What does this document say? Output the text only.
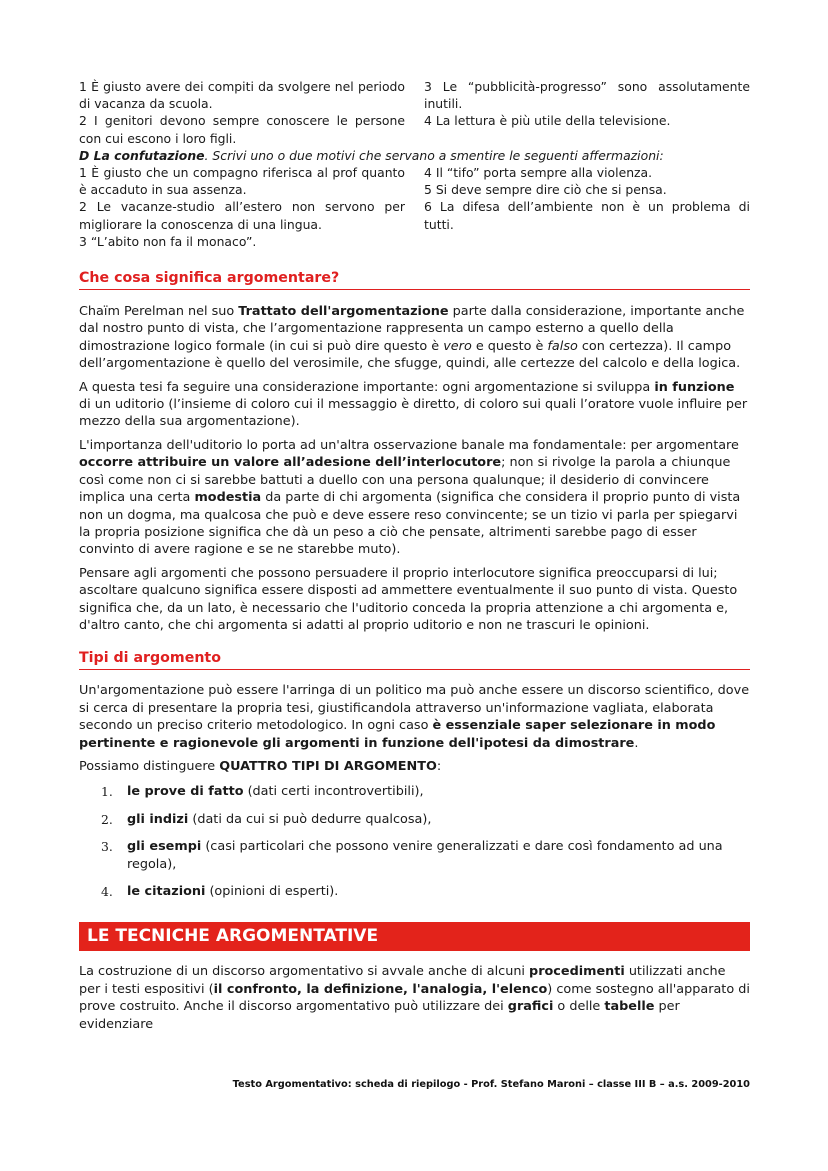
1 È giusto avere dei compiti da svolgere nel periodo di vacanza da scuola.

2 I genitori devono sempre conoscere le persone con cui escono i loro figli.

3 Le “pubblicità-progresso” sono assolutamente inutili.

4 La lettura è più utile della televisione.

D La confutazione. Scrivi uno o due motivi che servano a smentire le seguenti affermazioni:

1 È giusto che un compagno riferisca al prof quanto è accaduto in sua assenza.

2 Le vacanze-studio all’estero non servono per migliorare la conoscenza di una lingua.

3 “L’abito non fa il monaco”.

4 Il “tifo” porta sempre alla violenza.

5 Si deve sempre dire ciò che si pensa.

6 La difesa dell’ambiente non è un problema di tutti.

Che cosa significa argomentare?

Chaïm Perelman nel suo Trattato dell'argomentazione parte dalla considerazione, importante anche dal nostro punto di vista, che l’argomentazione rappresenta un campo esterno a quello della dimostrazione logico formale (in cui si può dire questo è vero e questo è falso con certezza). Il campo dell’argomentazione è quello del verosimile, che sfugge, quindi, alle certezze del calcolo e della logica.

A questa tesi fa seguire una considerazione importante: ogni argomentazione si sviluppa in funzione di un uditorio (l’insieme di coloro cui il messaggio è diretto, di coloro sui quali l’oratore vuole influire per mezzo della sua argomentazione).

L'importanza dell'uditorio lo porta ad un'altra osservazione banale ma fondamentale: per argomentare occorre attribuire un valore all’adesione dell’interlocutore; non si rivolge la parola a chiunque così come non ci si sarebbe battuti a duello con una persona qualunque; il desiderio di convincere implica una certa modestia da parte di chi argomenta (significa che considera il proprio punto di vista non un dogma, ma qualcosa che può e deve essere reso convincente; se un tizio vi parla per spiegarvi la propria posizione significa che dà un peso a ciò che pensate, altrimenti sarebbe pago di esser convinto di avere ragione e se ne starebbe muto).

Pensare agli argomenti che possono persuadere il proprio interlocutore significa preoccuparsi di lui; ascoltare qualcuno significa essere disposti ad ammettere eventualmente il suo punto di vista. Questo significa che, da un lato, è necessario che l'uditorio conceda la propria attenzione a chi argomenta e, d'altro canto, che chi argomenta si adatti al proprio uditorio e non ne trascuri le opinioni.

Tipi di argomento

Un'argomentazione può essere l'arringa di un politico ma può anche essere un discorso scientifico, dove si cerca di presentare la propria tesi, giustificandola attraverso un'informazione vagliata, elaborata secondo un preciso criterio metodologico. In ogni caso è essenziale saper selezionare in modo pertinente e ragionevole gli argomenti in funzione dell'ipotesi da dimostrare.

Possiamo distinguere QUATTRO TIPI DI ARGOMENTO:

1.	le prove di fatto (dati certi incontrovertibili),
2.	gli indizi (dati da cui si può dedurre qualcosa),
3.	gli esempi (casi particolari che possono venire generalizzati e dare così fondamento ad una regola),
4.	le citazioni (opinioni di esperti).
LE TECNICHE ARGOMENTATIVE

La costruzione di un discorso argomentativo si avvale anche di alcuni procedimenti utilizzati anche per i testi espositivi (il confronto, la definizione, l'analogia, l'elenco) come sostegno all'apparato di prove costruito. Anche il discorso argomentativo può utilizzare dei grafici o delle tabelle per evidenziare

Testo Argomentativo: scheda di riepilogo - Prof. Stefano Maroni – classe III B – a.s. 2009-2010
